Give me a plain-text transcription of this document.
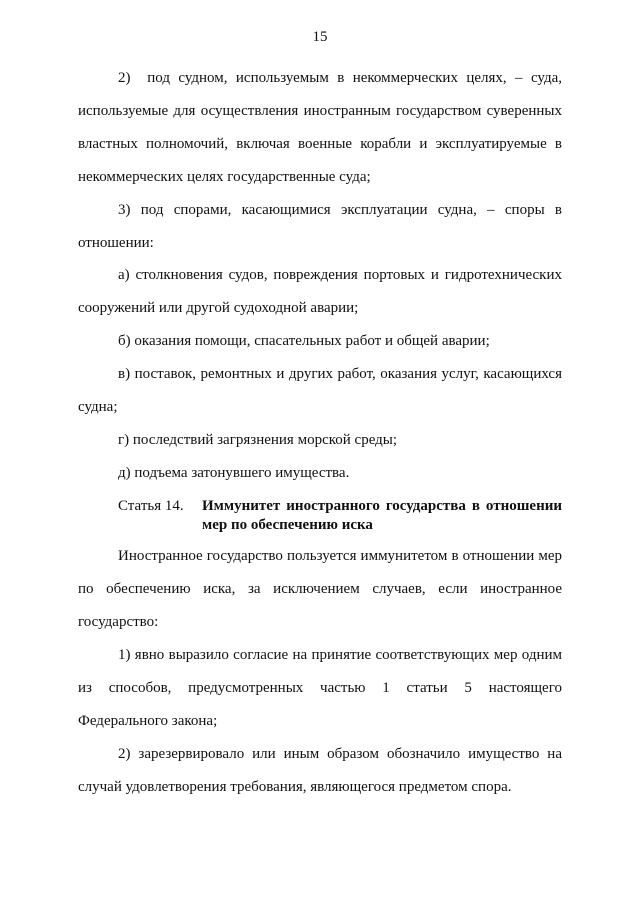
15

2)  под судном, используемым в некоммерческих целях, – суда, используемые для осуществления иностранным государством суверенных властных полномочий, включая военные корабли и эксплуатируемые в некоммерческих целях государственные суда;

3) под спорами, касающимися эксплуатации судна, – споры в отношении:

а) столкновения судов, повреждения портовых и гидротехнических сооружений или другой судоходной аварии;

б) оказания помощи, спасательных работ и общей аварии;

в) поставок, ремонтных и других работ, оказания услуг, касающихся судна;

г) последствий загрязнения морской среды;

д) подъема затонувшего имущества.

Статья 14.	Иммунитет иностранного государства в отношении мер по обеспечению иска

Иностранное государство пользуется иммунитетом в отношении мер по обеспечению иска, за исключением случаев, если иностранное государство:

1) явно выразило согласие на принятие соответствующих мер одним из способов, предусмотренных частью 1 статьи 5 настоящего Федерального закона;

2) зарезервировало или иным образом обозначило имущество на случай удовлетворения требования, являющегося предметом спора.
